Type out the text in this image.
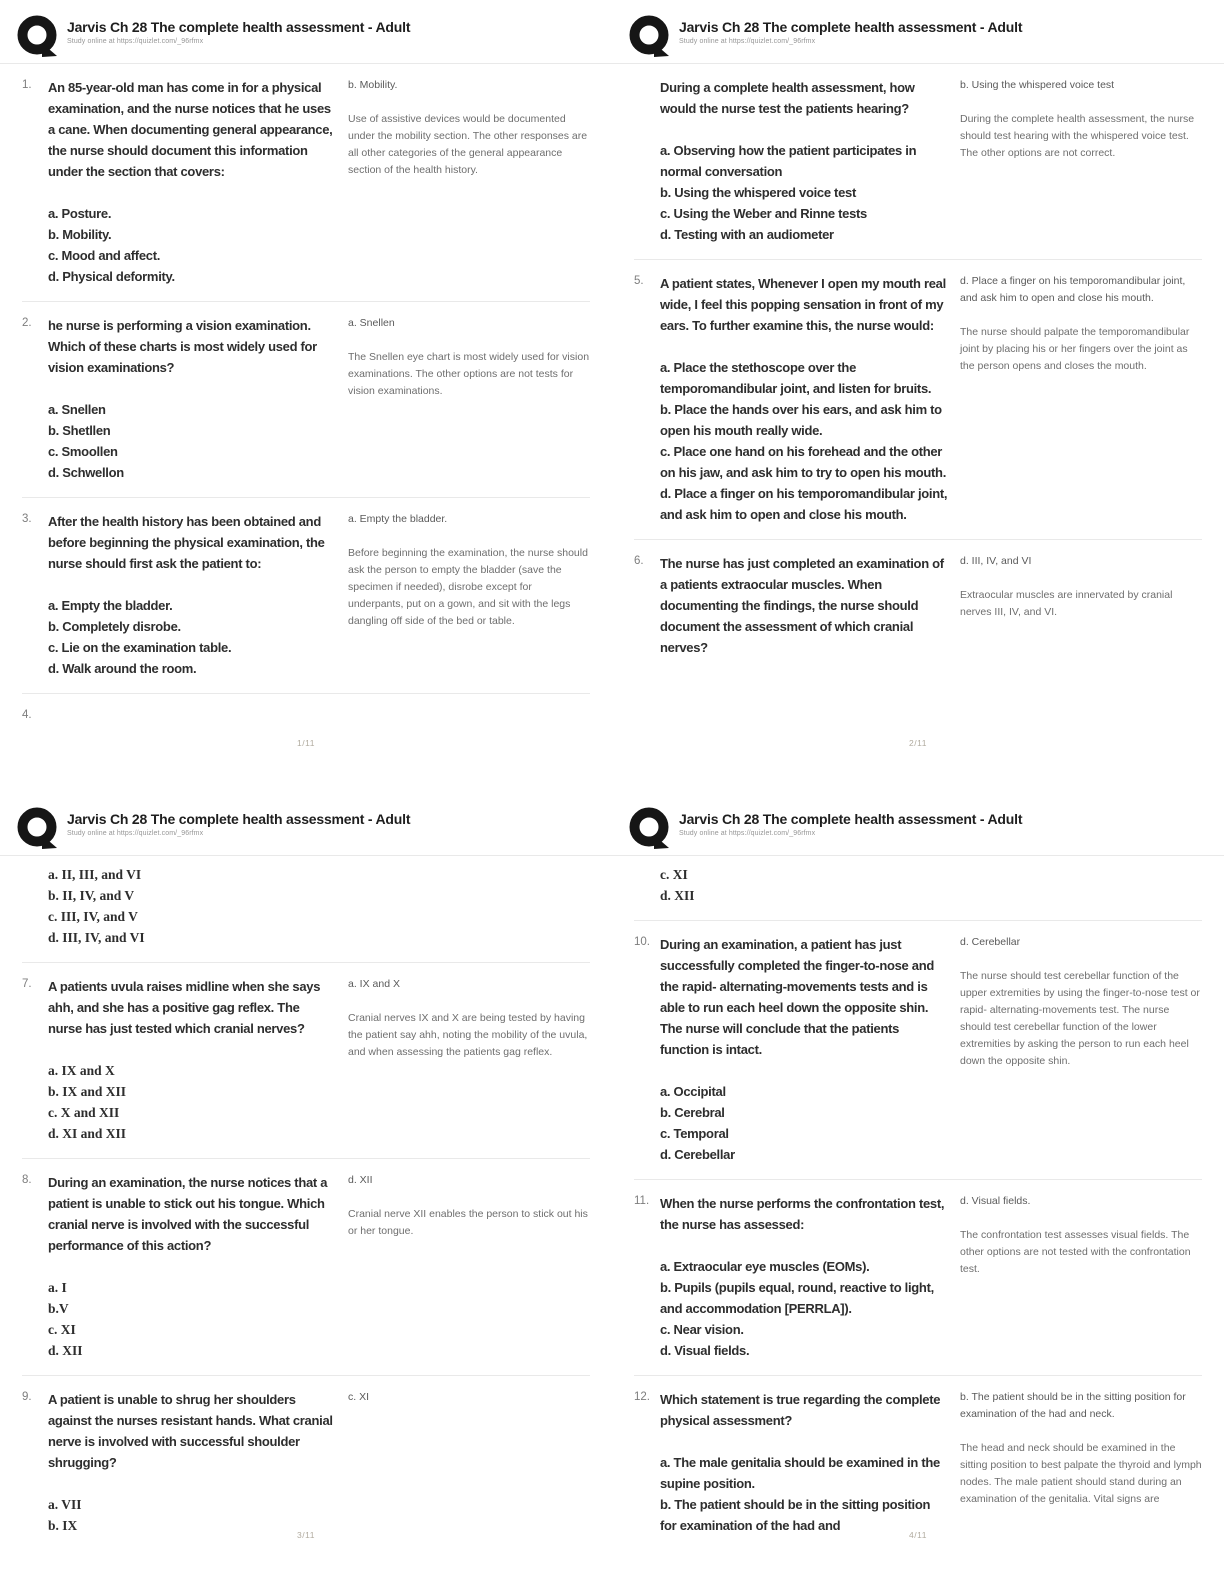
Jarvis Ch 28 The complete health assessment - Adult
Study online at https://quizlet.com/_96rfmx
1.	An 85-year-old man has come in for a physical examination, and the nurse notices that he uses a cane. When documenting general appearance, the nurse should document this information under the section that covers:
a. Posture.
b. Mobility.
c. Mood and affect.
d. Physical deformity.
b. Mobility.
Use of assistive devices would be documented under the mobility section. The other responses are all other categories of the general appearance section of the health history.
2.	he nurse is performing a vision examination. Which of these charts is most widely used for vision examinations?
a. Snellen
b. Shetllen
c. Smoollen
d. Schwellon
a. Snellen
The Snellen eye chart is most widely used for vision examinations. The other options are not tests for vision examinations.
3.	After the health history has been obtained and before beginning the physical examination, the nurse should first ask the patient to:
a. Empty the bladder.
b. Completely disrobe.
c. Lie on the examination table.
d. Walk around the room.
a. Empty the bladder.
Before beginning the examination, the nurse should ask the person to empty the bladder (save the specimen if needed), disrobe except for underpants, put on a gown, and sit with the legs dangling off side of the bed or table.
4.
1/11
Jarvis Ch 28 The complete health assessment - Adult
Study online at https://quizlet.com/_96rfmx
During a complete health assessment, how would the nurse test the patients hearing?
a. Observing how the patient participates in normal conversation
b. Using the whispered voice test
c. Using the Weber and Rinne tests
d. Testing with an audiometer
b. Using the whispered voice test
During the complete health assessment, the nurse should test hearing with the whispered voice test. The other options are not correct.
5.	A patient states, Whenever I open my mouth real wide, I feel this popping sensation in front of my ears. To further examine this, the nurse would:
a. Place the stethoscope over the temporomandibular joint, and listen for bruits.
b. Place the hands over his ears, and ask him to open his mouth really wide.
c. Place one hand on his forehead and the other on his jaw, and ask him to try to open his mouth.
d. Place a finger on his temporomandibular joint, and ask him to open and close his mouth.
d. Place a finger on his temporomandibular joint, and ask him to open and close his mouth.
The nurse should palpate the temporomandibular joint by placing his or her fingers over the joint as the person opens and closes the mouth.
6.	The nurse has just completed an examination of a patients extraocular muscles. When documenting the findings, the nurse should document the assessment of which cranial nerves?
d. III, IV, and VI
Extraocular muscles are innervated by cranial nerves III, IV, and VI.
2/11
Jarvis Ch 28 The complete health assessment - Adult
Study online at https://quizlet.com/_96rfmx
a. II, III, and VI
b. II, IV, and V
c. III, IV, and V
d. III, IV, and VI
7.	A patients uvula raises midline when she says ahh, and she has a positive gag reflex. The nurse has just tested which cranial nerves?
a. IX and X
b. IX and XII
c. X and XII
d. XI and XII
a. IX and X
Cranial nerves IX and X are being tested by having the patient say ahh, noting the mobility of the uvula, and when assessing the patients gag reflex.
8.	During an examination, the nurse notices that a patient is unable to stick out his tongue. Which cranial nerve is involved with the successful performance of this action?
a. I
b.V
c. XI
d. XII
d. XII
Cranial nerve XII enables the person to stick out his or her tongue.
9.	A patient is unable to shrug her shoulders against the nurses resistant hands. What cranial nerve is involved with successful shoulder shrugging?
a. VII
b. IX
c. XI
3/11
Jarvis Ch 28 The complete health assessment - Adult
Study online at https://quizlet.com/_96rfmx
c. XI
d. XII
10. During an examination, a patient has just successfully completed the finger-to-nose and the rapid- alternating-movements tests and is able to run each heel down the opposite shin. The nurse will conclude that the patients function is intact.
a. Occipital
b. Cerebral
c. Temporal
d. Cerebellar
d. Cerebellar
The nurse should test cerebellar function of the upper extremities by using the finger-to-nose test or rapid- alternating-movements test. The nurse should test cerebellar function of the lower extremities by asking the person to run each heel down the opposite shin.
11. When the nurse performs the confrontation test, the nurse has assessed:
a. Extraocular eye muscles (EOMs).
b. Pupils (pupils equal, round, reactive to light, and accommodation [PERRLA]).
c. Near vision.
d. Visual fields.
d. Visual fields.
The confrontation test assesses visual fields. The other options are not tested with the confrontation test.
12. Which statement is true regarding the complete physical assessment?
a. The male genitalia should be examined in the supine position.
b. The patient should be in the sitting position for examination of the had and
b. The patient should be in the sitting position for examination of the had and neck.
The head and neck should be examined in the sitting position to best palpate the thyroid and lymph nodes. The male patient should stand during an examination of the genitalia. Vital signs are
4/11
